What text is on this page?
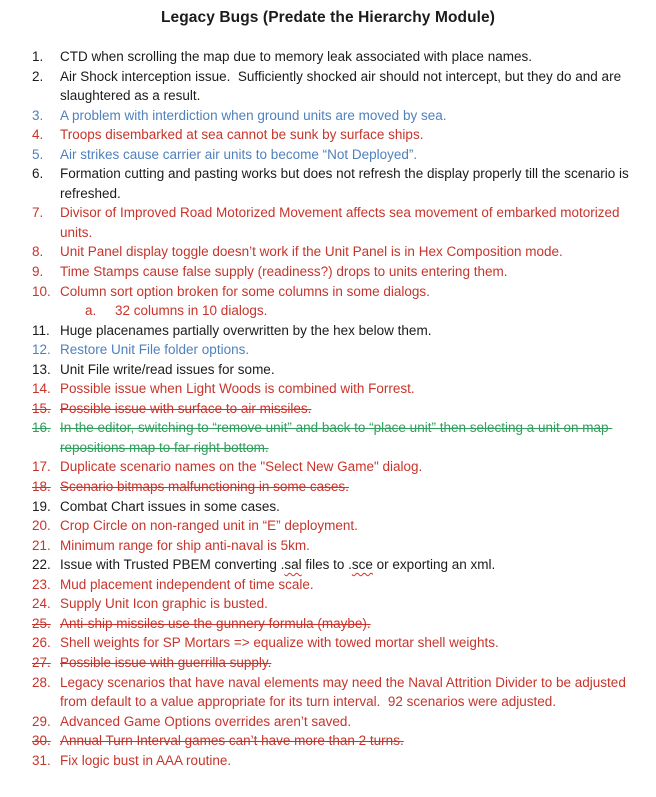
Legacy Bugs (Predate the Hierarchy Module)
1.	CTD when scrolling the map due to memory leak associated with place names.
2.	Air Shock interception issue.  Sufficiently shocked air should not intercept, but they do and are slaughtered as a result.
3.	A problem with interdiction when ground units are moved by sea.
4.	Troops disembarked at sea cannot be sunk by surface ships.
5.	Air strikes cause carrier air units to become “Not Deployed”.
6.	Formation cutting and pasting works but does not refresh the display properly till the scenario is refreshed.
7.	Divisor of Improved Road Motorized Movement affects sea movement of embarked motorized units.
8.	Unit Panel display toggle doesn’t work if the Unit Panel is in Hex Composition mode.
9.	Time Stamps cause false supply (readiness?) drops to units entering them.
10. Column sort option broken for some columns in some dialogs.
a.	32 columns in 10 dialogs.
11. Huge placenames partially overwritten by the hex below them.
12. Restore Unit File folder options.
13. Unit File write/read issues for some.
14. Possible issue when Light Woods is combined with Forrest.
15. Possible issue with surface to air missiles.
16. In the editor, switching to “remove unit” and back to “place unit” then selecting a unit on map repositions map to far right bottom.
17. Duplicate scenario names on the "Select New Game" dialog.
18. Scenario bitmaps malfunctioning in some cases.
19. Combat Chart issues in some cases.
20. Crop Circle on non-ranged unit in “E” deployment.
21. Minimum range for ship anti-naval is 5km.
22. Issue with Trusted PBEM converting .sal files to .sce or exporting an xml.
23. Mud placement independent of time scale.
24. Supply Unit Icon graphic is busted.
25. Anti-ship missiles use the gunnery formula (maybe).
26. Shell weights for SP Mortars => equalize with towed mortar shell weights.
27. Possible issue with guerrilla supply.
28. Legacy scenarios that have naval elements may need the Naval Attrition Divider to be adjusted from default to a value appropriate for its turn interval.  92 scenarios were adjusted.
29. Advanced Game Options overrides aren’t saved.
30. Annual Turn Interval games can’t have more than 2 turns.
31. Fix logic bust in AAA routine.
